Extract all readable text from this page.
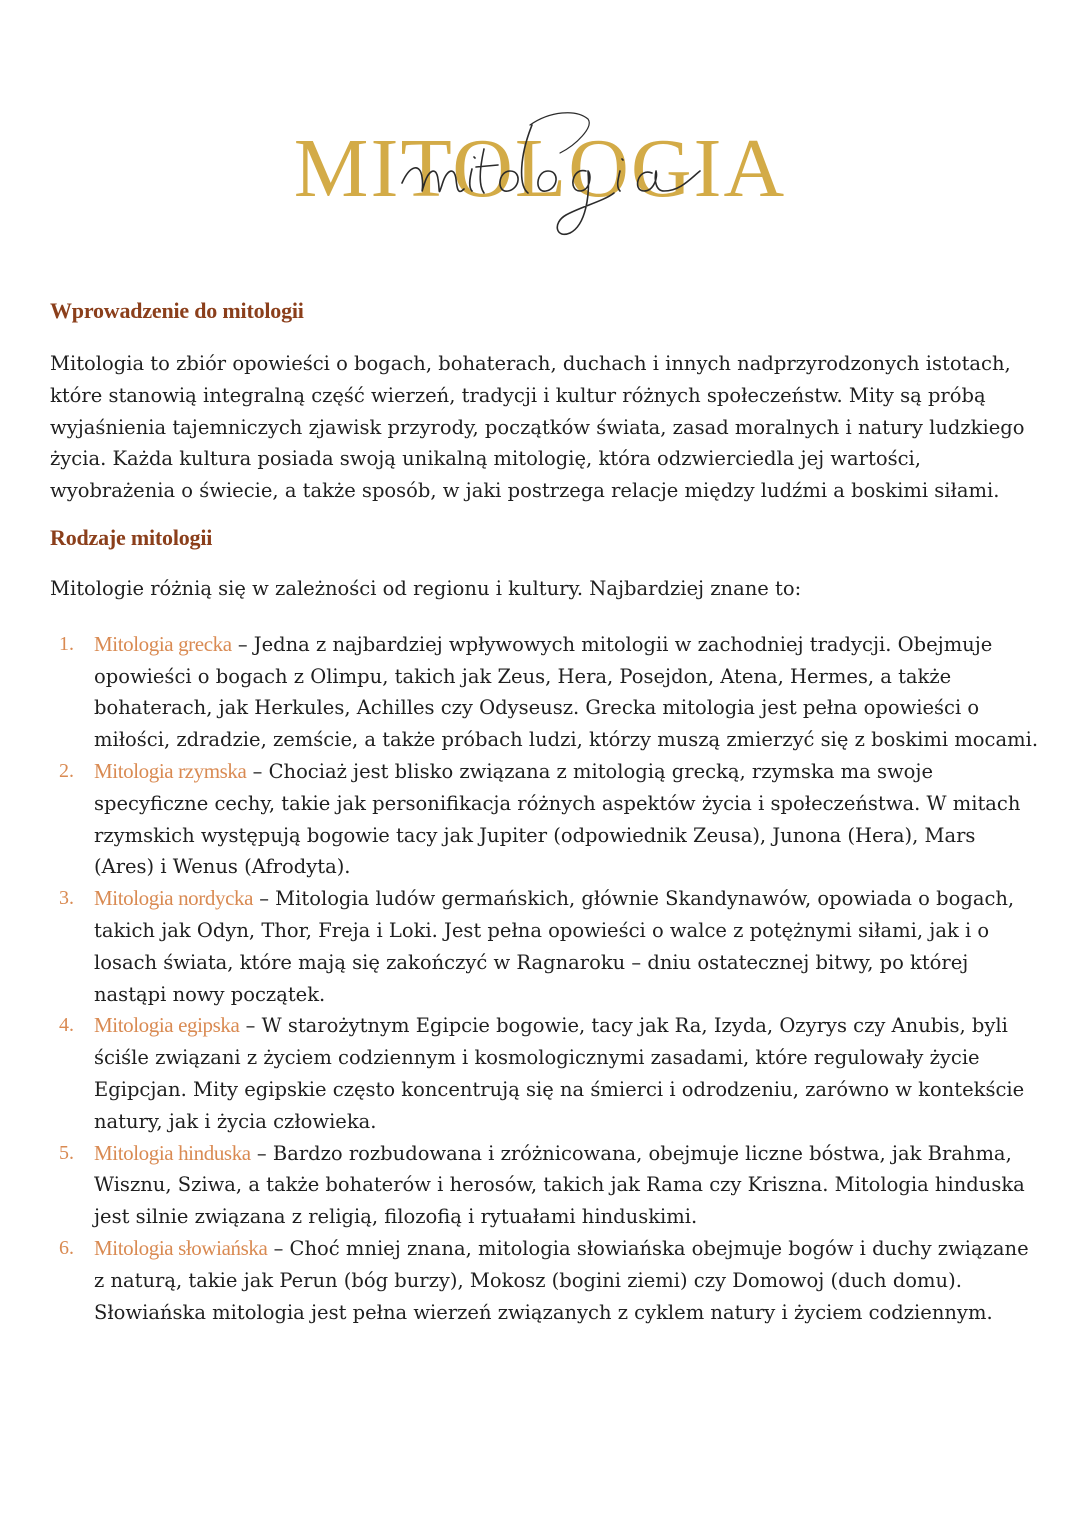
MITOLOGIA
Wprowadzenie do mitologii

Mitologia to zbiór opowieści o bogach, bohaterach, duchach i innych nadprzyrodzonych istotach, które stanowią integralną część wierzeń, tradycji i kultur różnych społeczeństw. Mity są próbą wyjaśnienia tajemniczych zjawisk przyrody, początków świata, zasad moralnych i natury ludzkiego życia. Każda kultura posiada swoją unikalną mitologię, która odzwierciedla jej wartości, wyobrażenia o świecie, a także sposób, w jaki postrzega relacje między ludźmi a boskimi siłami.

Rodzaje mitologii

Mitologie różnią się w zależności od regionu i kultury. Najbardziej znane to:

1. Mitologia grecka – Jedna z najbardziej wpływowych mitologii w zachodniej tradycji. Obejmuje opowieści o bogach z Olimpu, takich jak Zeus, Hera, Posejdon, Atena, Hermes, a także bohaterach, jak Herkules, Achilles czy Odyseusz. Grecka mitologia jest pełna opowieści o miłości, zdradzie, zemście, a także próbach ludzi, którzy muszą zmierzyć się z boskimi mocami.

2. Mitologia rzymska – Chociaż jest blisko związana z mitologią grecką, rzymska ma swoje specyficzne cechy, takie jak personifikacja różnych aspektów życia i społeczeństwa. W mitach rzymskich występują bogowie tacy jak Jupiter (odpowiednik Zeusa), Junona (Hera), Mars (Ares) i Wenus (Afrodyta).

3. Mitologia nordycka – Mitologia ludów germańskich, głównie Skandynawów, opowiada o bogach, takich jak Odyn, Thor, Freja i Loki. Jest pełna opowieści o walce z potężnymi siłami, jak i o losach świata, które mają się zakończyć w Ragnaroku – dniu ostatecznej bitwy, po której nastąpi nowy początek.

4. Mitologia egipska – W starożytnym Egipcie bogowie, tacy jak Ra, Izyda, Ozyrys czy Anubis, byli ściśle związani z życiem codziennym i kosmologicznymi zasadami, które regulowały życie Egipcjan. Mity egipskie często koncentrują się na śmierci i odrodzeniu, zarówno w kontekście natury, jak i życia człowieka.

5. Mitologia hinduska – Bardzo rozbudowana i zróżnicowana, obejmuje liczne bóstwa, jak Brahma, Wisznu, Sziwa, a także bohaterów i herosów, takich jak Rama czy Kriszna. Mitologia hinduska jest silnie związana z religią, filozofią i rytuałami hinduskimi.

6. Mitologia słowiańska – Choć mniej znana, mitologia słowiańska obejmuje bogów i duchy związane z naturą, takie jak Perun (bóg burzy), Mokosz (bogini ziemi) czy Domowoj (duch domu). Słowiańska mitologia jest pełna wierzeń związanych z cyklem natury i życiem codziennym.
